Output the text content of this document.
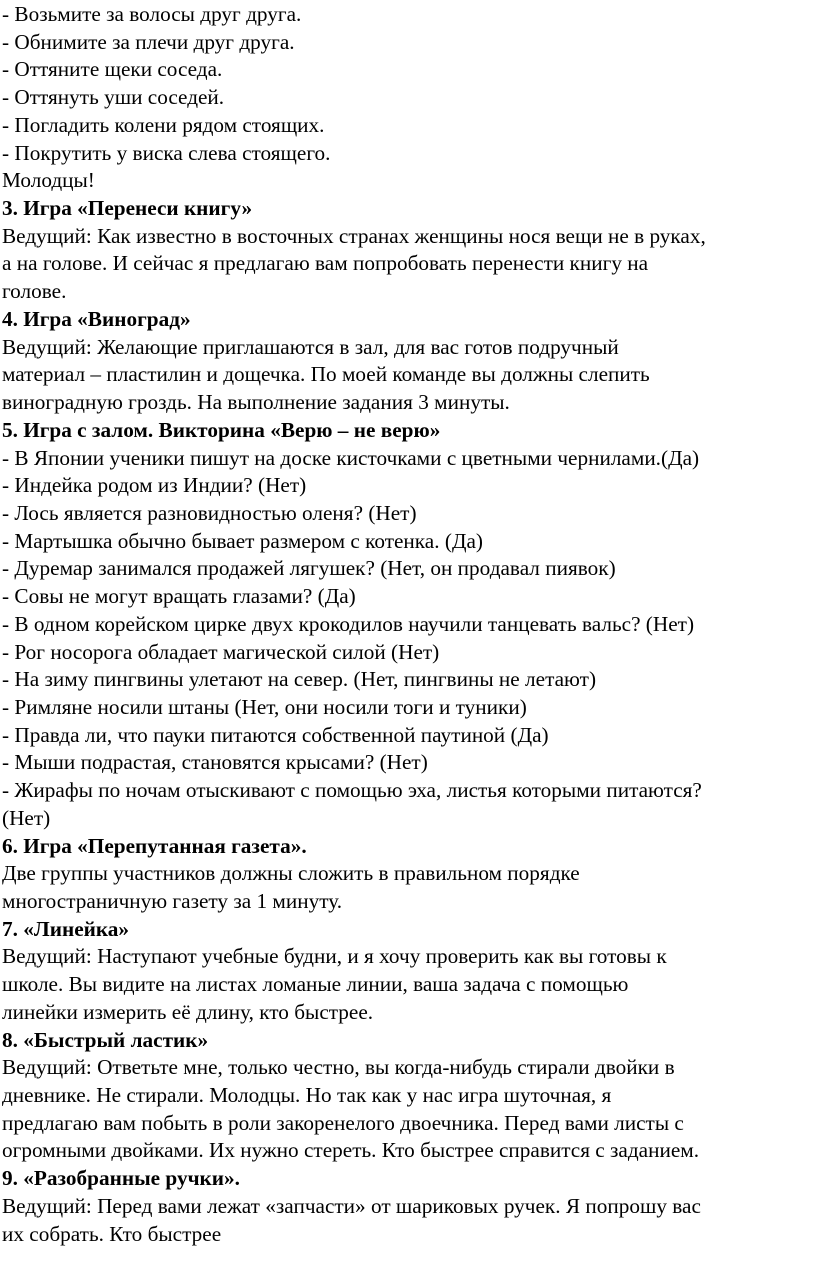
- Возьмите за волосы друг друга.
- Обнимите за плечи друг друга.
- Оттяните щеки соседа.
- Оттянуть уши соседей.
- Погладить колени рядом стоящих.
- Покрутить у виска слева стоящего.
Молодцы!
3. Игра «Перенеси книгу»
Ведущий: Как известно в восточных странах женщины нося вещи не в руках,
а на голове. И сейчас я предлагаю вам попробовать перенести книгу на
голове.
4. Игра «Виноград»
Ведущий: Желающие приглашаются в зал, для вас готов подручный
материал – пластилин и дощечка. По моей команде вы должны слепить
виноградную гроздь. На выполнение задания 3 минуты.
5. Игра с залом. Викторина «Верю – не верю»
- В Японии ученики пишут на доске кисточками с цветными чернилами.(Да)
- Индейка родом из Индии? (Нет)
- Лось является разновидностью оленя? (Нет)
- Мартышка обычно бывает размером с котенка. (Да)
- Дуремар занимался продажей лягушек? (Нет, он продавал пиявок)
- Совы не могут вращать глазами? (Да)
- В одном корейском цирке двух крокодилов научили танцевать вальс? (Нет)
- Рог носорога обладает магической силой (Нет)
- На зиму пингвины улетают на север. (Нет, пингвины не летают)
- Римляне носили штаны (Нет, они носили тоги и туники)
- Правда ли, что пауки питаются собственной паутиной (Да)
- Мыши подрастая, становятся крысами? (Нет)
- Жирафы по ночам отыскивают с помощью эха, листья которыми питаются?
(Нет)
6. Игра «Перепутанная газета».
Две группы участников должны сложить в правильном порядке
многостраничную газету за 1 минуту.
7. «Линейка»
Ведущий: Наступают учебные будни, и я хочу проверить как вы готовы к
школе. Вы видите на листах ломаные линии, ваша задача с помощью
линейки измерить её длину, кто быстрее.
8. «Быстрый ластик»
Ведущий: Ответьте мне, только честно, вы когда-нибудь стирали двойки в
дневнике. Не стирали. Молодцы. Но так как у нас игра шуточная, я
предлагаю вам побыть в роли закоренелого двоечника. Перед вами листы с
огромными двойками. Их нужно стереть. Кто быстрее справится с заданием.
9. «Разобранные ручки».
Ведущий: Перед вами лежат «запчасти» от шариковых ручек. Я попрошу вас
их собрать. Кто быстрее
